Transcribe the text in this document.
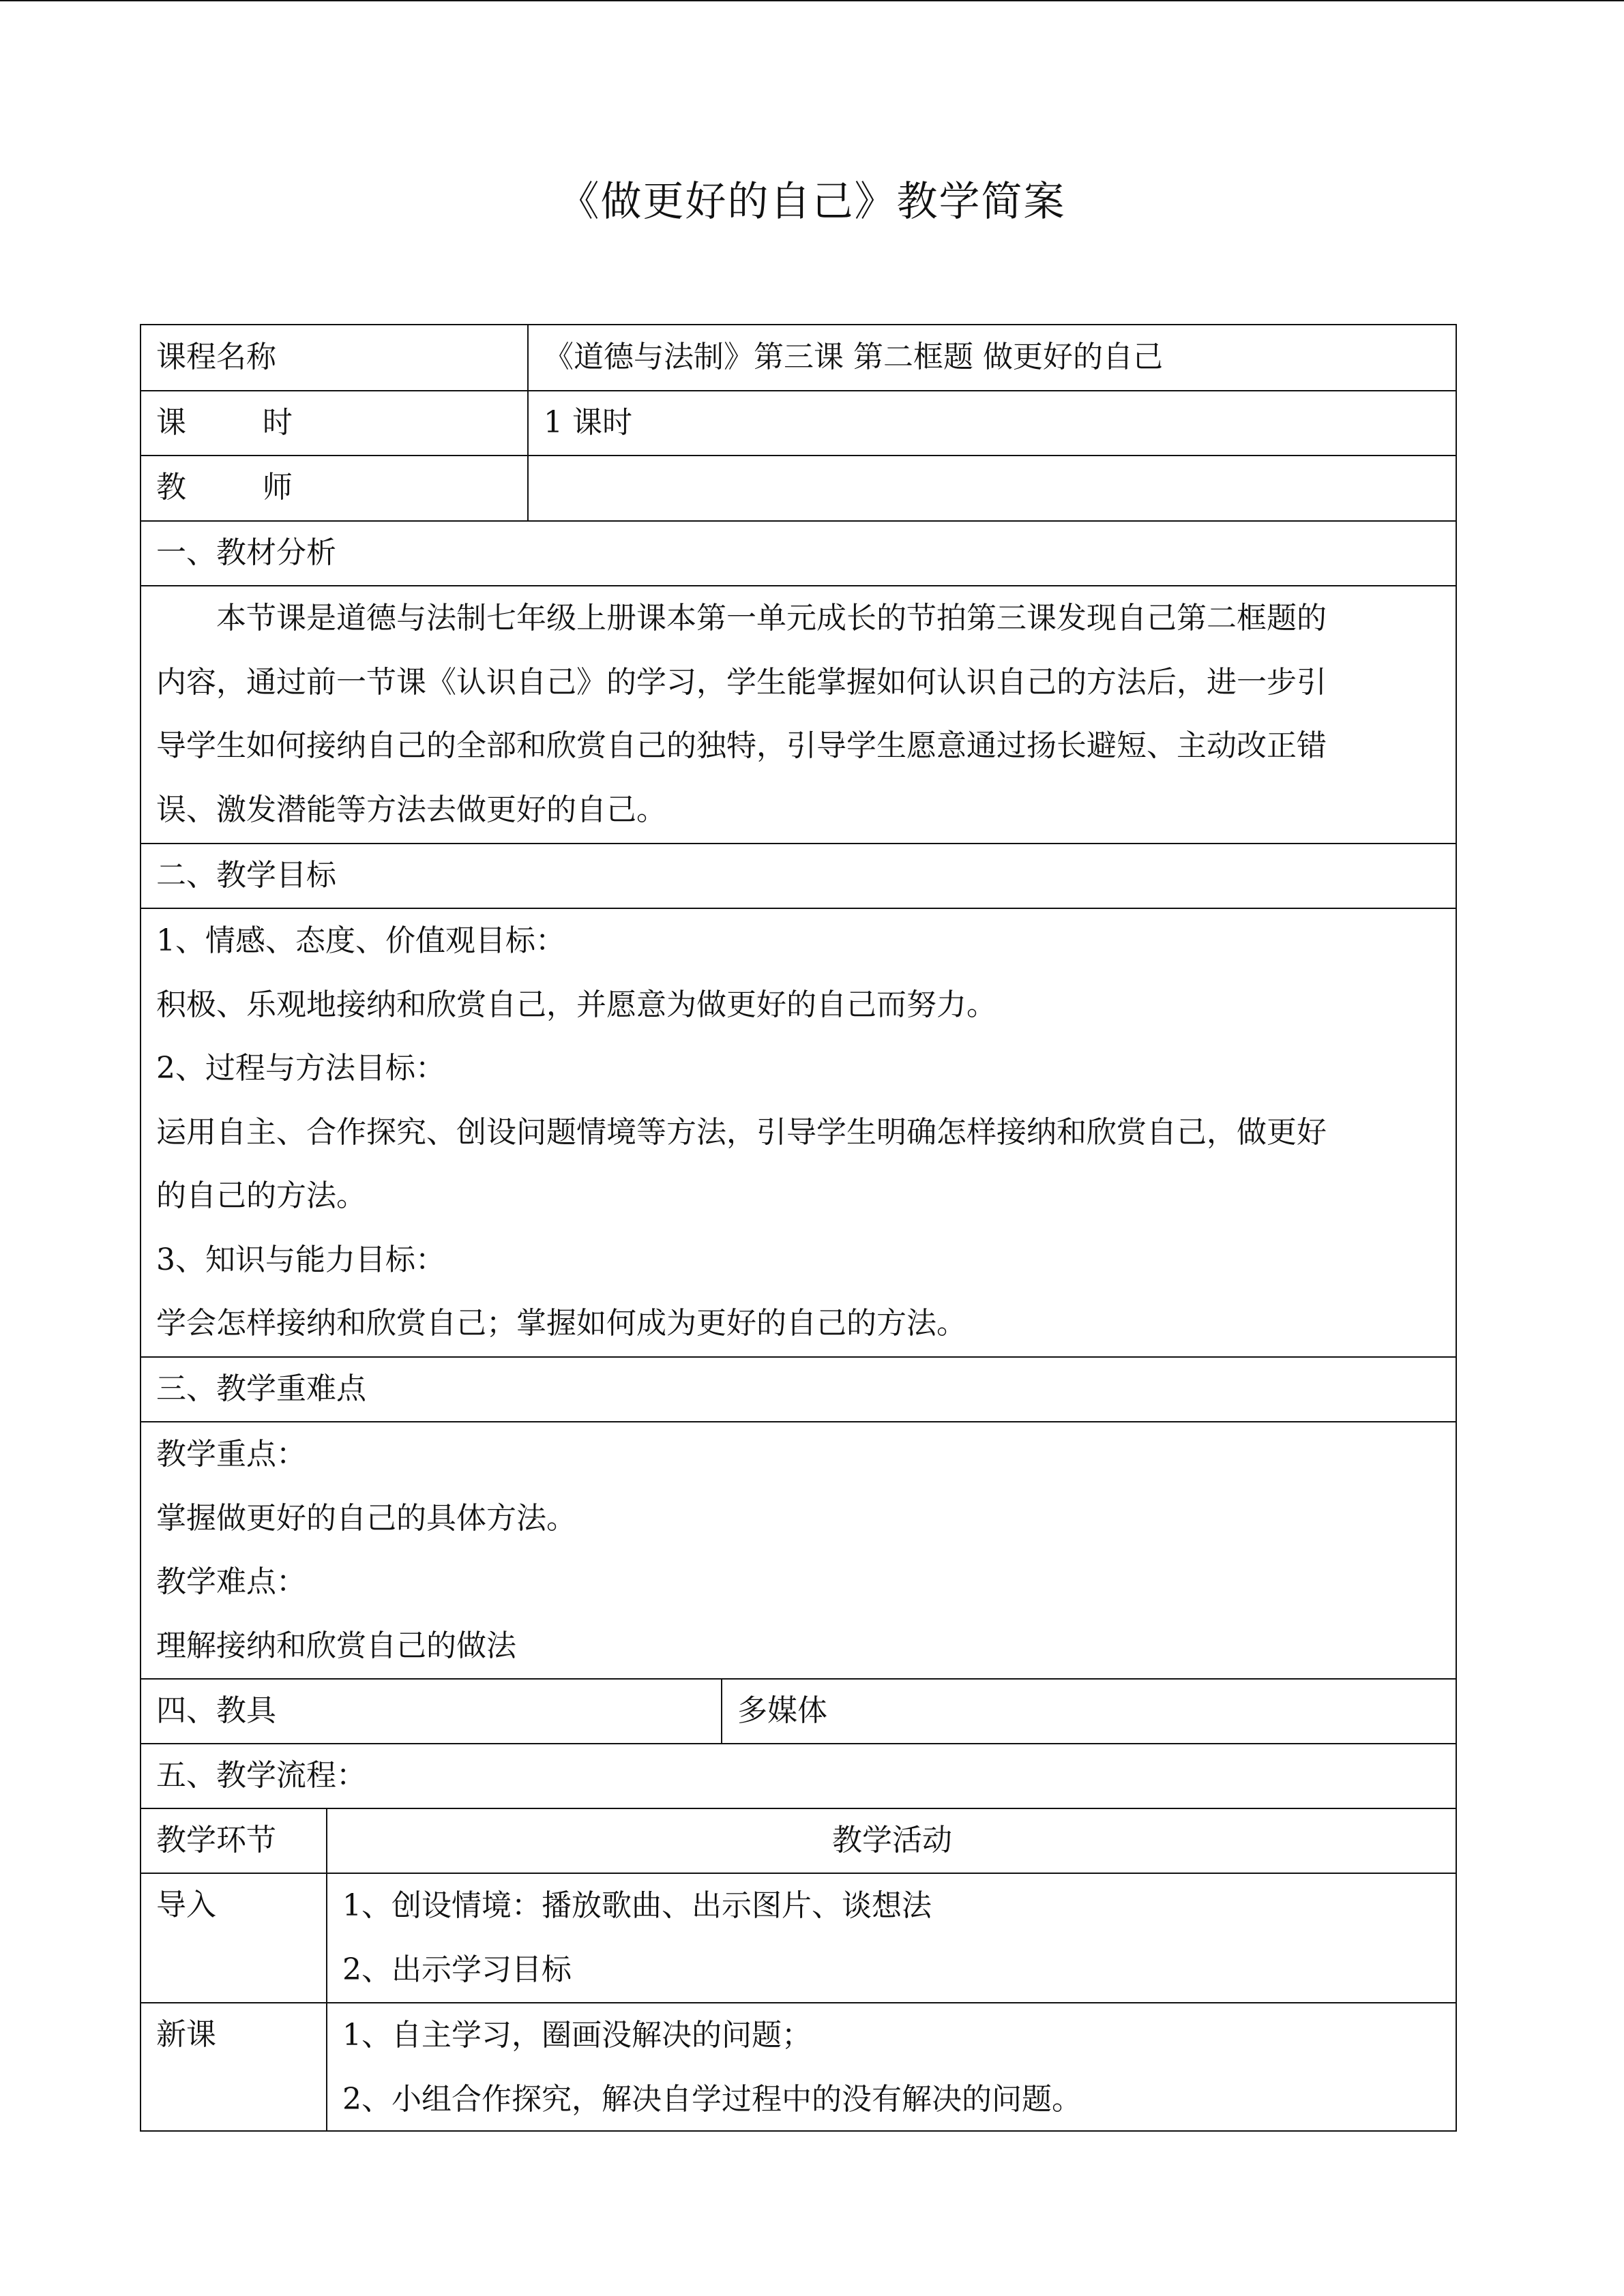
《做更好的自己》教学简案
课程名称	《道德与法制》第三课 第二框题 做更好的自己
课        时	1 课时
教        师
一、教材分析

　　本节课是道德与法制七年级上册课本第一单元成长的节拍第三课发现自己第二框题的

内容，通过前一节课《认识自己》的学习，学生能掌握如何认识自己的方法后，进一步引

导学生如何接纳自己的全部和欣赏自己的独特，引导学生愿意通过扬长避短、主动改正错

误、激发潜能等方法去做更好的自己。

二、教学目标

1、情感、态度、价值观目标：

积极、乐观地接纳和欣赏自己，并愿意为做更好的自己而努力。

2、过程与方法目标：

运用自主、合作探究、创设问题情境等方法，引导学生明确怎样接纳和欣赏自己，做更好

的自己的方法。

3、知识与能力目标：

学会怎样接纳和欣赏自己；掌握如何成为更好的自己的方法。

三、教学重难点

教学重点：

掌握做更好的自己的具体方法。

教学难点：

理解接纳和欣赏自己的做法

四、教具	多媒体
五、教学流程：
教学环节	教学活动
导入	1、创设情境：播放歌曲、出示图片、谈想法

2、出示学习目标

新课	1、自主学习，圈画没解决的问题；

2、小组合作探究，解决自学过程中的没有解决的问题。
